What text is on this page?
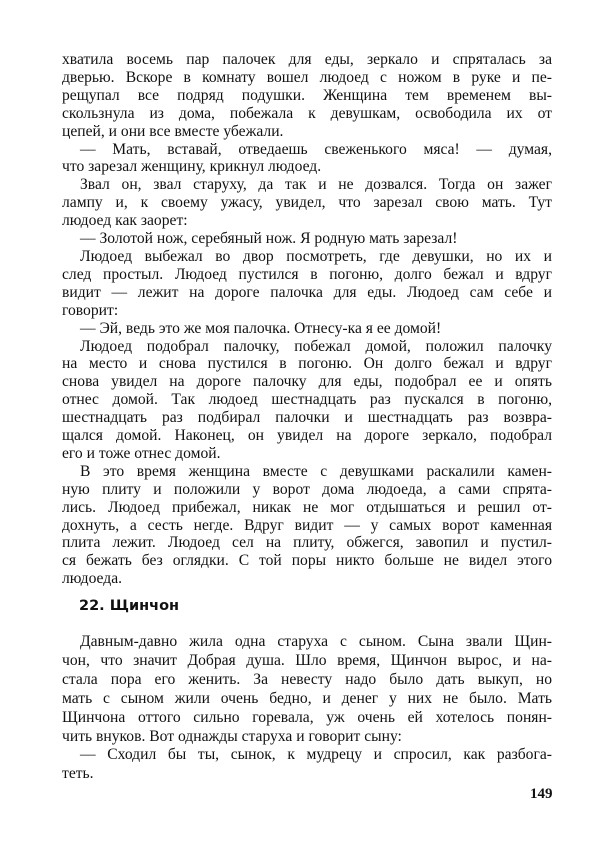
хватила восемь пар палочек для еды, зеркало и спряталась за
дверью. Вскоре в комнату вошел людоед с ножом в руке и пе-
рещупал все подряд подушки. Женщина тем временем вы-
скользнула из дома, побежала к девушкам, освободила их от
цепей, и они все вместе убежали.
— Мать, вставай, отведаешь свеженького мяса! — думая,
что зарезал женщину, крикнул людоед.
Звал он, звал старуху, да так и не дозвался. Тогда он зажег
лампу и, к своему ужасу, увидел, что зарезал свою мать. Тут
людоед как заорет:
— Золотой нож, серебяный нож. Я родную мать зарезал!
Людоед выбежал во двор посмотреть, где девушки, но их и
след простыл. Людоед пустился в погоню, долго бежал и вдруг
видит — лежит на дороге палочка для еды. Людоед сам себе и
говорит:
— Эй, ведь это же моя палочка. Отнесу-ка я ее домой!
Людоед подобрал палочку, побежал домой, положил палочку
на место и снова пустился в погоню. Он долго бежал и вдруг
снова увидел на дороге палочку для еды, подобрал ее и опять
отнес домой. Так людоед шестнадцать раз пускался в погоню,
шестнадцать раз подбирал палочки и шестнадцать раз возвра-
щался домой. Наконец, он увидел на дороге зеркало, подобрал
его и тоже отнес домой.
В это время женщина вместе с девушками раскалили камен-
ную плиту и положили у ворот дома людоеда, а сами спрята-
лись. Людоед прибежал, никак не мог отдышаться и решил от-
дохнуть, а сесть негде. Вдруг видит — у самых ворот каменная
плита лежит. Людоед сел на плиту, обжегся, завопил и пустил-
ся бежать без оглядки. С той поры никто больше не видел этого
людоеда.
22. Щинчон
Давным-давно жила одна старуха с сыном. Сына звали Щин-
чон, что значит Добрая душа. Шло время, Щинчон вырос, и на-
стала пора его женить. За невесту надо было дать выкуп, но
мать с сыном жили очень бедно, и денег у них не было. Мать
Щинчона оттого сильно горевала, уж очень ей хотелось понян-
чить внуков. Вот однажды старуха и говорит сыну:
— Сходил бы ты, сынок, к мудрецу и спросил, как разбога-
теть.
149
